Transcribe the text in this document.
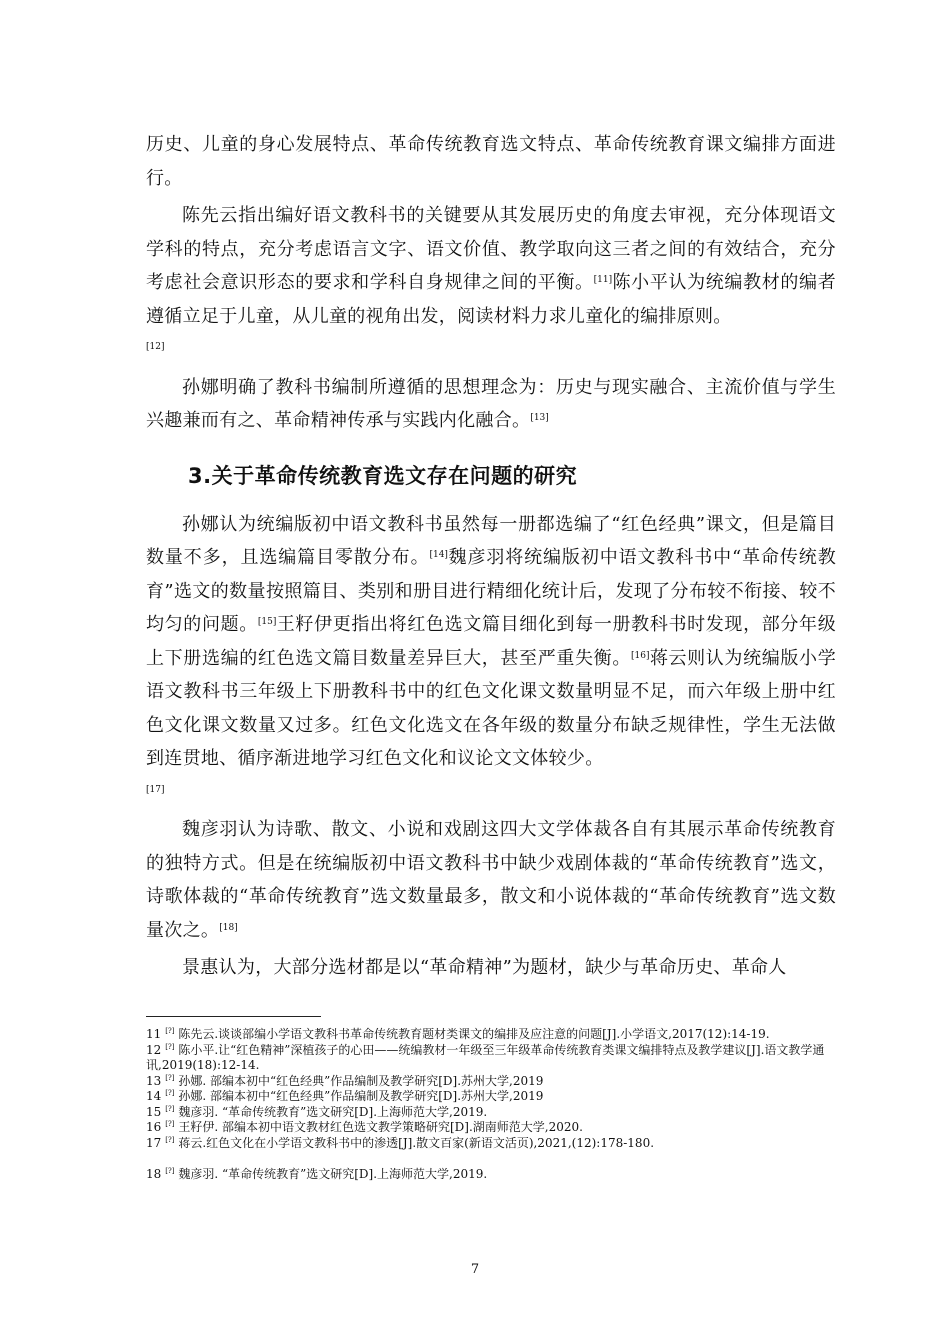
历史、儿童的身心发展特点、革命传统教育选文特点、革命传统教育课文编排方面进行。

陈先云指出编好语文教科书的关键要从其发展历史的角度去审视，充分体现语文学科的特点，充分考虑语言文字、语文价值、教学取向这三者之间的有效结合，充分考虑社会意识形态的要求和学科自身规律之间的平衡。[11]陈小平认为统编教材的编者遵循立足于儿童，从儿童的视角出发，阅读材料力求儿童化的编排原则。
[12]

孙娜明确了教科书编制所遵循的思想理念为：历史与现实融合、主流价值与学生兴趣兼而有之、革命精神传承与实践内化融合。[13]

3.关于革命传统教育选文存在问题的研究

孙娜认为统编版初中语文教科书虽然每一册都选编了“红色经典”课文，但是篇目数量不多，且选编篇目零散分布。[14]魏彦羽将统编版初中语文教科书中“革命传统教育”选文的数量按照篇目、类别和册目进行精细化统计后，发现了分布较不衔接、较不均匀的问题。[15]王籽伊更指出将红色选文篇目细化到每一册教科书时发现，部分年级上下册选编的红色选文篇目数量差异巨大，甚至严重失衡。[16]蒋云则认为统编版小学语文教科书三年级上下册教科书中的红色文化课文数量明显不足，而六年级上册中红色文化课文数量又过多。红色文化选文在各年级的数量分布缺乏规律性，学生无法做到连贯地、循序渐进地学习红色文化和议论文文体较少。
[17]

魏彦羽认为诗歌、散文、小说和戏剧这四大文学体裁各自有其展示革命传统教育的独特方式。但是在统编版初中语文教科书中缺少戏剧体裁的“革命传统教育”选文，诗歌体裁的“革命传统教育”选文数量最多，散文和小说体裁的“革命传统教育”选文数量次之。[18]

景惠认为，大部分选材都是以“革命精神”为题材，缺少与革命历史、革命人

11 [?] 陈先云.谈谈部编小学语文教科书革命传统教育题材类课文的编排及应注意的问题[J].小学语文,2017(12):14-19.

12 [?] 陈小平.让“红色精神”深植孩子的心田——统编教材一年级至三年级革命传统教育类课文编排特点及教学建议[J].语文教学通讯,2019(18):12-14.

13 [?] 孙娜. 部编本初中“红色经典”作品编制及教学研究[D].苏州大学,2019

14 [?] 孙娜. 部编本初中“红色经典”作品编制及教学研究[D].苏州大学,2019

15 [?] 魏彦羽. “革命传统教育”选文研究[D].上海师范大学,2019.

16 [?] 王籽伊. 部编本初中语文教材红色选文教学策略研究[D].湖南师范大学,2020.

17 [?] 蒋云.红色文化在小学语文教科书中的渗透[J].散文百家(新语文活页),2021,(12):178-180.

18 [?] 魏彦羽. “革命传统教育”选文研究[D].上海师范大学,2019.

7
